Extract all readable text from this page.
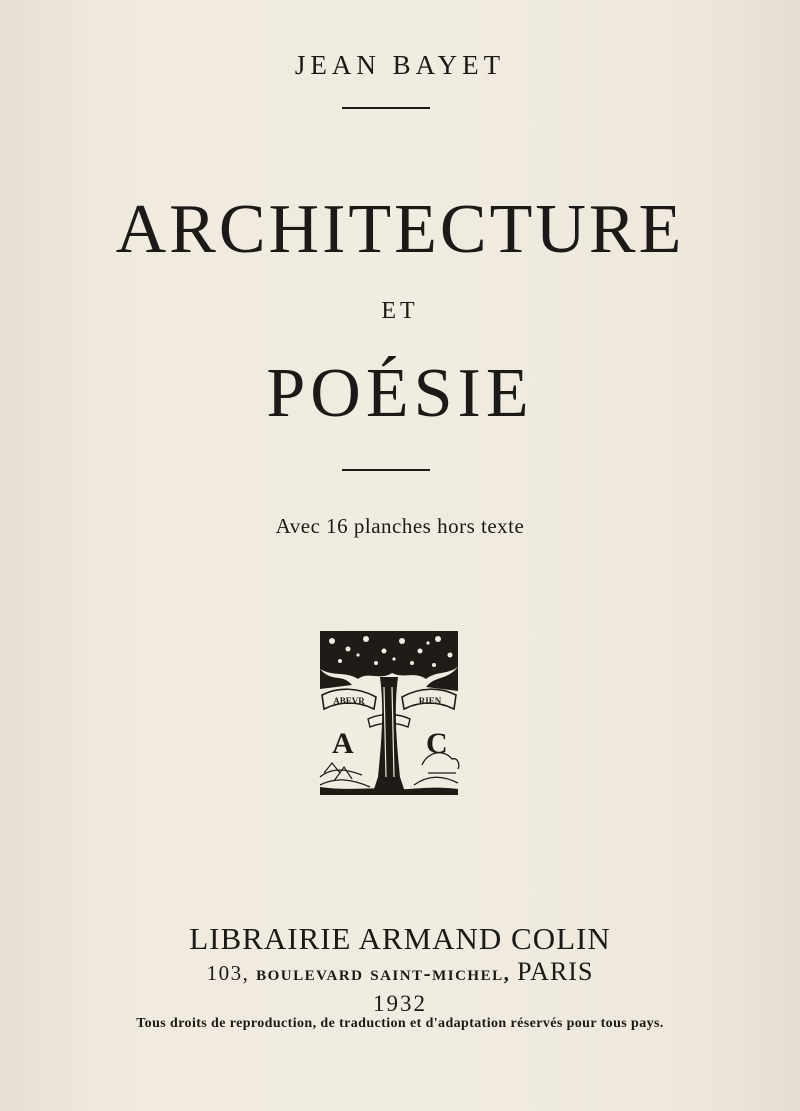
JEAN BAYET
ARCHITECTURE
ET
POÉSIE
Avec 16 planches hors texte
ABEVR	RIEN
A C
LIBRAIRIE ARMAND COLIN
103, boulevard saint-michel, PARIS
1932
Tous droits de reproduction, de traduction et d'adaptation réservés pour tous pays.
